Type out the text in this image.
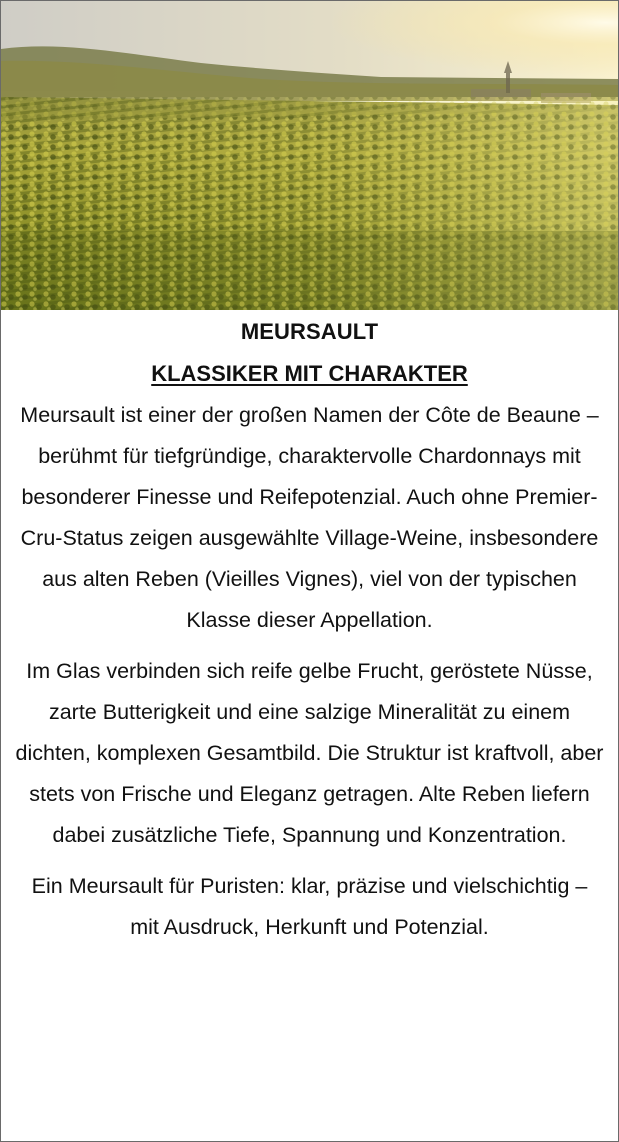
MEURSAULT
KLASSIKER MIT CHARAKTER

Meursault ist einer der großen Namen der Côte de Beaune – berühmt für tiefgründige, charaktervolle Chardonnays mit besonderer Finesse und Reifepotenzial. Auch ohne Premier-Cru-Status zeigen ausgewählte Village-Weine, insbesondere aus alten Reben (Vieilles Vignes), viel von der typischen Klasse dieser Appellation.

Im Glas verbinden sich reife gelbe Frucht, geröstete Nüsse, zarte Butterigkeit und eine salzige Mineralität zu einem dichten, komplexen Gesamtbild. Die Struktur ist kraftvoll, aber stets von Frische und Eleganz getragen. Alte Reben liefern dabei zusätzliche Tiefe, Spannung und Konzentration.

Ein Meursault für Puristen: klar, präzise und vielschichtig – mit Ausdruck, Herkunft und Potenzial.
